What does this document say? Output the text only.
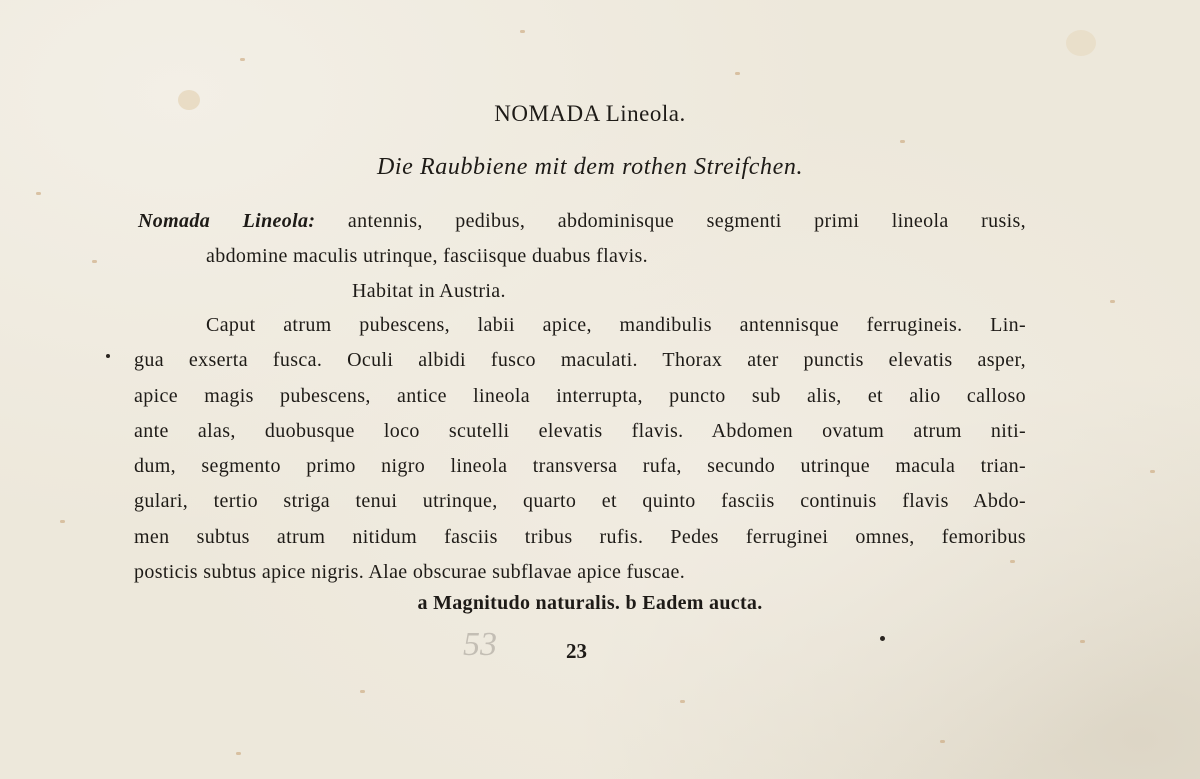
NOMADA Lineola.
Die Raubbiene mit dem rothen Streifchen.
Nomada Lineola: antennis, pedibus, abdominisque segmenti primi lineola rusis,
abdomine maculis utrinque, fasciisque duabus flavis.
Habitat in Austria.
Caput atrum pubescens, labii apice, mandibulis antennisque ferrugineis. Lin-
gua exserta fusca. Oculi albidi fusco maculati. Thorax ater punctis elevatis asper,
apice magis pubescens, antice lineola interrupta, puncto sub alis, et alio calloso
ante alas, duobusque loco scutelli elevatis flavis. Abdomen ovatum atrum niti-
dum, segmento primo nigro lineola transversa rufa, secundo utrinque macula trian-
gulari, tertio striga tenui utrinque, quarto et quinto fasciis continuis flavis Abdo-
men subtus atrum nitidum fasciis tribus rufis. Pedes ferruginei omnes, femoribus
posticis subtus apice nigris. Alae obscurae subflavae apice fuscae.
a Magnitudo naturalis. b Eadem aucta.
53	23
